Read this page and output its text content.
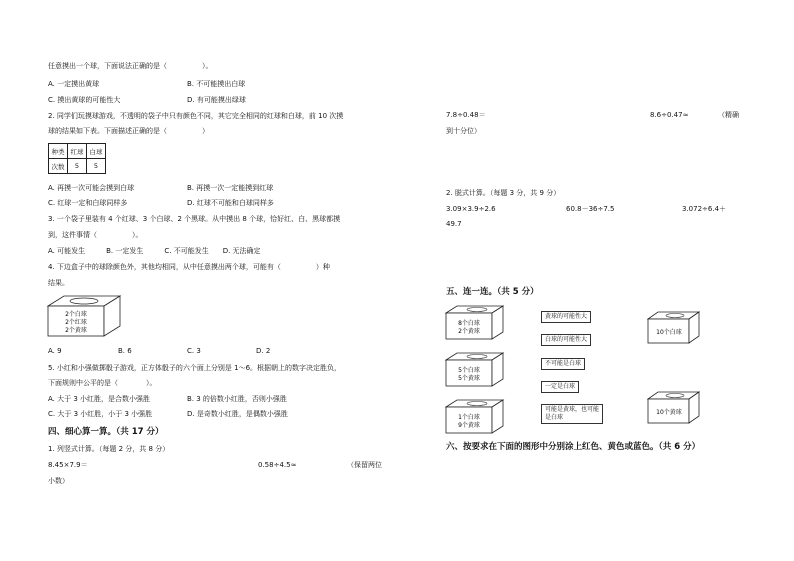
任意摸出一个球，下面说法正确的是（　　　　　）。
A. 一定摸出黄球	B. 不可能摸出白球
C. 摸出黄球的可能性大	D. 有可能摸出绿球
2. 同学们玩摸球游戏，不透明的袋子中只有颜色不同，其它完全相同的红球和白球，前 10 次摸
球的结果如下表。下面描述正确的是（　　　　　）
种类	红球	白球
次数	5	5
A. 再摸一次可能会摸到白球	B. 再摸一次一定能摸到红球
C. 红球一定和白球同样多	D. 红球不可能和白球同样多
3. 一个袋子里装有 4 个红球、3 个白球、2 个黑球。从中摸出 8 个球，恰好红、白、黑球都摸
到，这件事情（　　　　　）。
A. 可能发生　　　B. 一定发生　　　C. 不可能发生　　D. 无法确定
4. 下边盒子中的球除颜色外，其他均相同，从中任意摸出两个球，可能有（　　　　　）种
结果。
2个白球
2个红球
2个黄球
A. 9	B. 6	C. 3	D. 2
5. 小红和小强做掷骰子游戏，正方体骰子的六个面上分别是 1～6。根据朝上的数字决定胜负，
下面规则中公平的是（　　　　）。
A. 大于 3 小红胜，是合数小强胜	B. 3 的倍数小红胜，否则小强胜
C. 大于 3 小红胜，小于 3 小强胜	D. 是奇数小红胜，是偶数小强胜
四、细心算一算。（共 17 分）
1. 列竖式计算。（每题 2 分，共 8 分）
8.45×7.9＝	0.58÷4.5≈	（保留两位
小数）
7.8÷0.48＝	8.6÷0.47≈	（精确
到十分位）
2. 脱式计算。（每题 3 分，共 9 分）
3.09×3.9÷2.6	60.8－36÷7.5	3.072÷6.4＋
49.7
五、连一连。（共 5 分）
8个白球
2个黄球
5个白球
5个黄球
1个白球
9个黄球
黄球的可能性大
白球的可能性大
不可能是白球
一定是白球
可能是黄球，也可能是白球
10个白球
10个黄球
六、按要求在下面的图形中分别涂上红色、黄色或蓝色。（共 6 分）
